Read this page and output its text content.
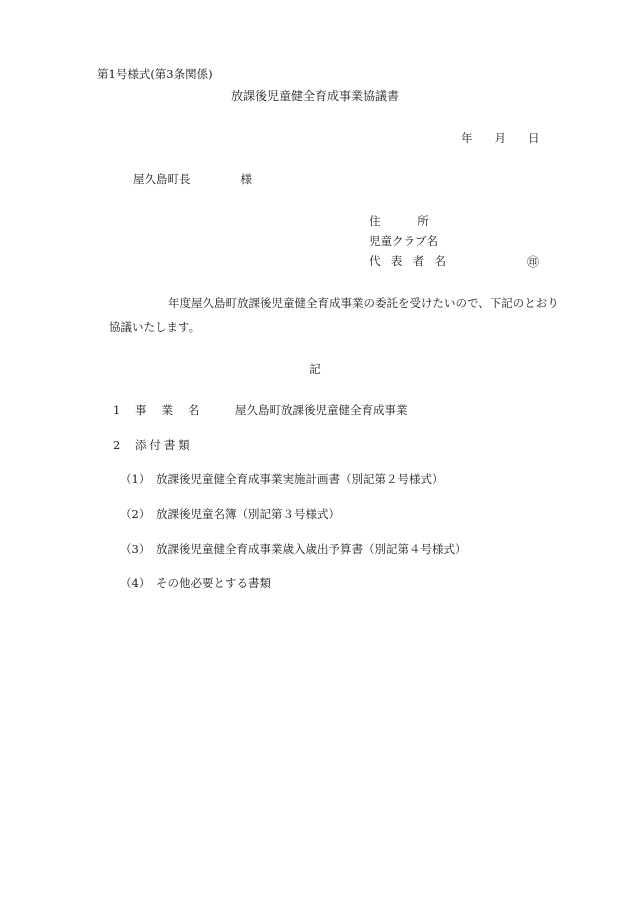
第1号様式(第3条関係)
放課後児童健全育成事業協議書
年 月 日
屋久島町長	様
住所
児童クラブ名
代表者名	㊞
年度屋久島町放課後児童健全育成事業の委託を受けたいので、下記のとおり
協議いたします。
記
1 事業名 屋久島町放課後児童健全育成事業
2 添付書類
（1） 放課後児童健全育成事業実施計画書（別記第２号様式）
（2） 放課後児童名簿（別記第３号様式）
（3） 放課後児童健全育成事業歳入歳出予算書（別記第４号様式）
（4） その他必要とする書類
